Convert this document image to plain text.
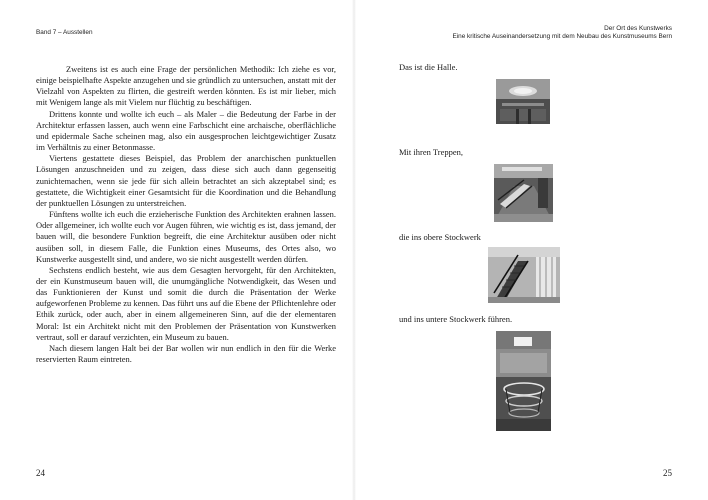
Band 7 – Ausstellen

Zweitens ist es auch eine Frage der persönlichen Methodik: Ich ziehe es vor, einige beispielhafte Aspekte anzugehen und sie gründlich zu untersuchen, anstatt mit der Vielzahl von Aspekten zu flirten, die gestreift werden könnten. Es ist mir lieber, mich mit Wenigem lange als mit Vielem nur flüchtig zu beschäftigen.

Drittens konnte und wollte ich euch – als Maler – die Bedeutung der Farbe in der Architektur erfassen lassen, auch wenn eine Farbschicht eine archaische, oberflächliche und epidermale Sache scheinen mag, also ein ausgesprochen leichtgewichtiger Zusatz im Verhältnis zu einer Betonmasse.

Viertens gestattete dieses Beispiel, das Problem der anarchischen punktuellen Lösungen anzuschneiden und zu zeigen, dass diese sich auch dann gegenseitig zunichtemachen, wenn sie jede für sich allein betrachtet an sich akzeptabel sind; es gestattete, die Wichtigkeit einer Gesamtsicht für die Koordination und die Behandlung der punktuellen Lösungen zu unterstreichen.

Fünftens wollte ich euch die erzieherische Funktion des Architekten erahnen lassen. Oder allgemeiner, ich wollte euch vor Augen führen, wie wichtig es ist, dass jemand, der bauen will, die besondere Funktion begreift, die eine Architektur ausüben oder nicht ausüben soll, in diesem Falle, die Funktion eines Museums, des Ortes also, wo Kunstwerke ausgestellt sind, und andere, wo sie nicht ausgestellt werden dürfen.

Sechstens endlich besteht, wie aus dem Gesagten hervorgeht, für den Architekten, der ein Kunstmuseum bauen will, die unumgängliche Notwendigkeit, das Wesen und das Funktionieren der Kunst und somit die durch die Präsentation der Werke aufgeworfenen Probleme zu kennen. Das führt uns auf die Ebene der Pflichtenlehre oder Ethik zurück, oder auch, aber in einem allgemeineren Sinn, auf die der elementaren Moral: Ist ein Architekt nicht mit den Problemen der Präsentation von Kunstwerken vertraut, soll er darauf verzichten, ein Museum zu bauen.

Nach diesem langen Halt bei der Bar wollen wir nun endlich in den für die Werke reservierten Raum eintreten.

24
Der Ort des Kunstwerks
Eine kritische Auseinandersetzung mit dem Neubau des Kunstmuseums Bern
Das ist die Halle.
Mit ihren Treppen,
die ins obere Stockwerk
und ins untere Stockwerk führen.
25
